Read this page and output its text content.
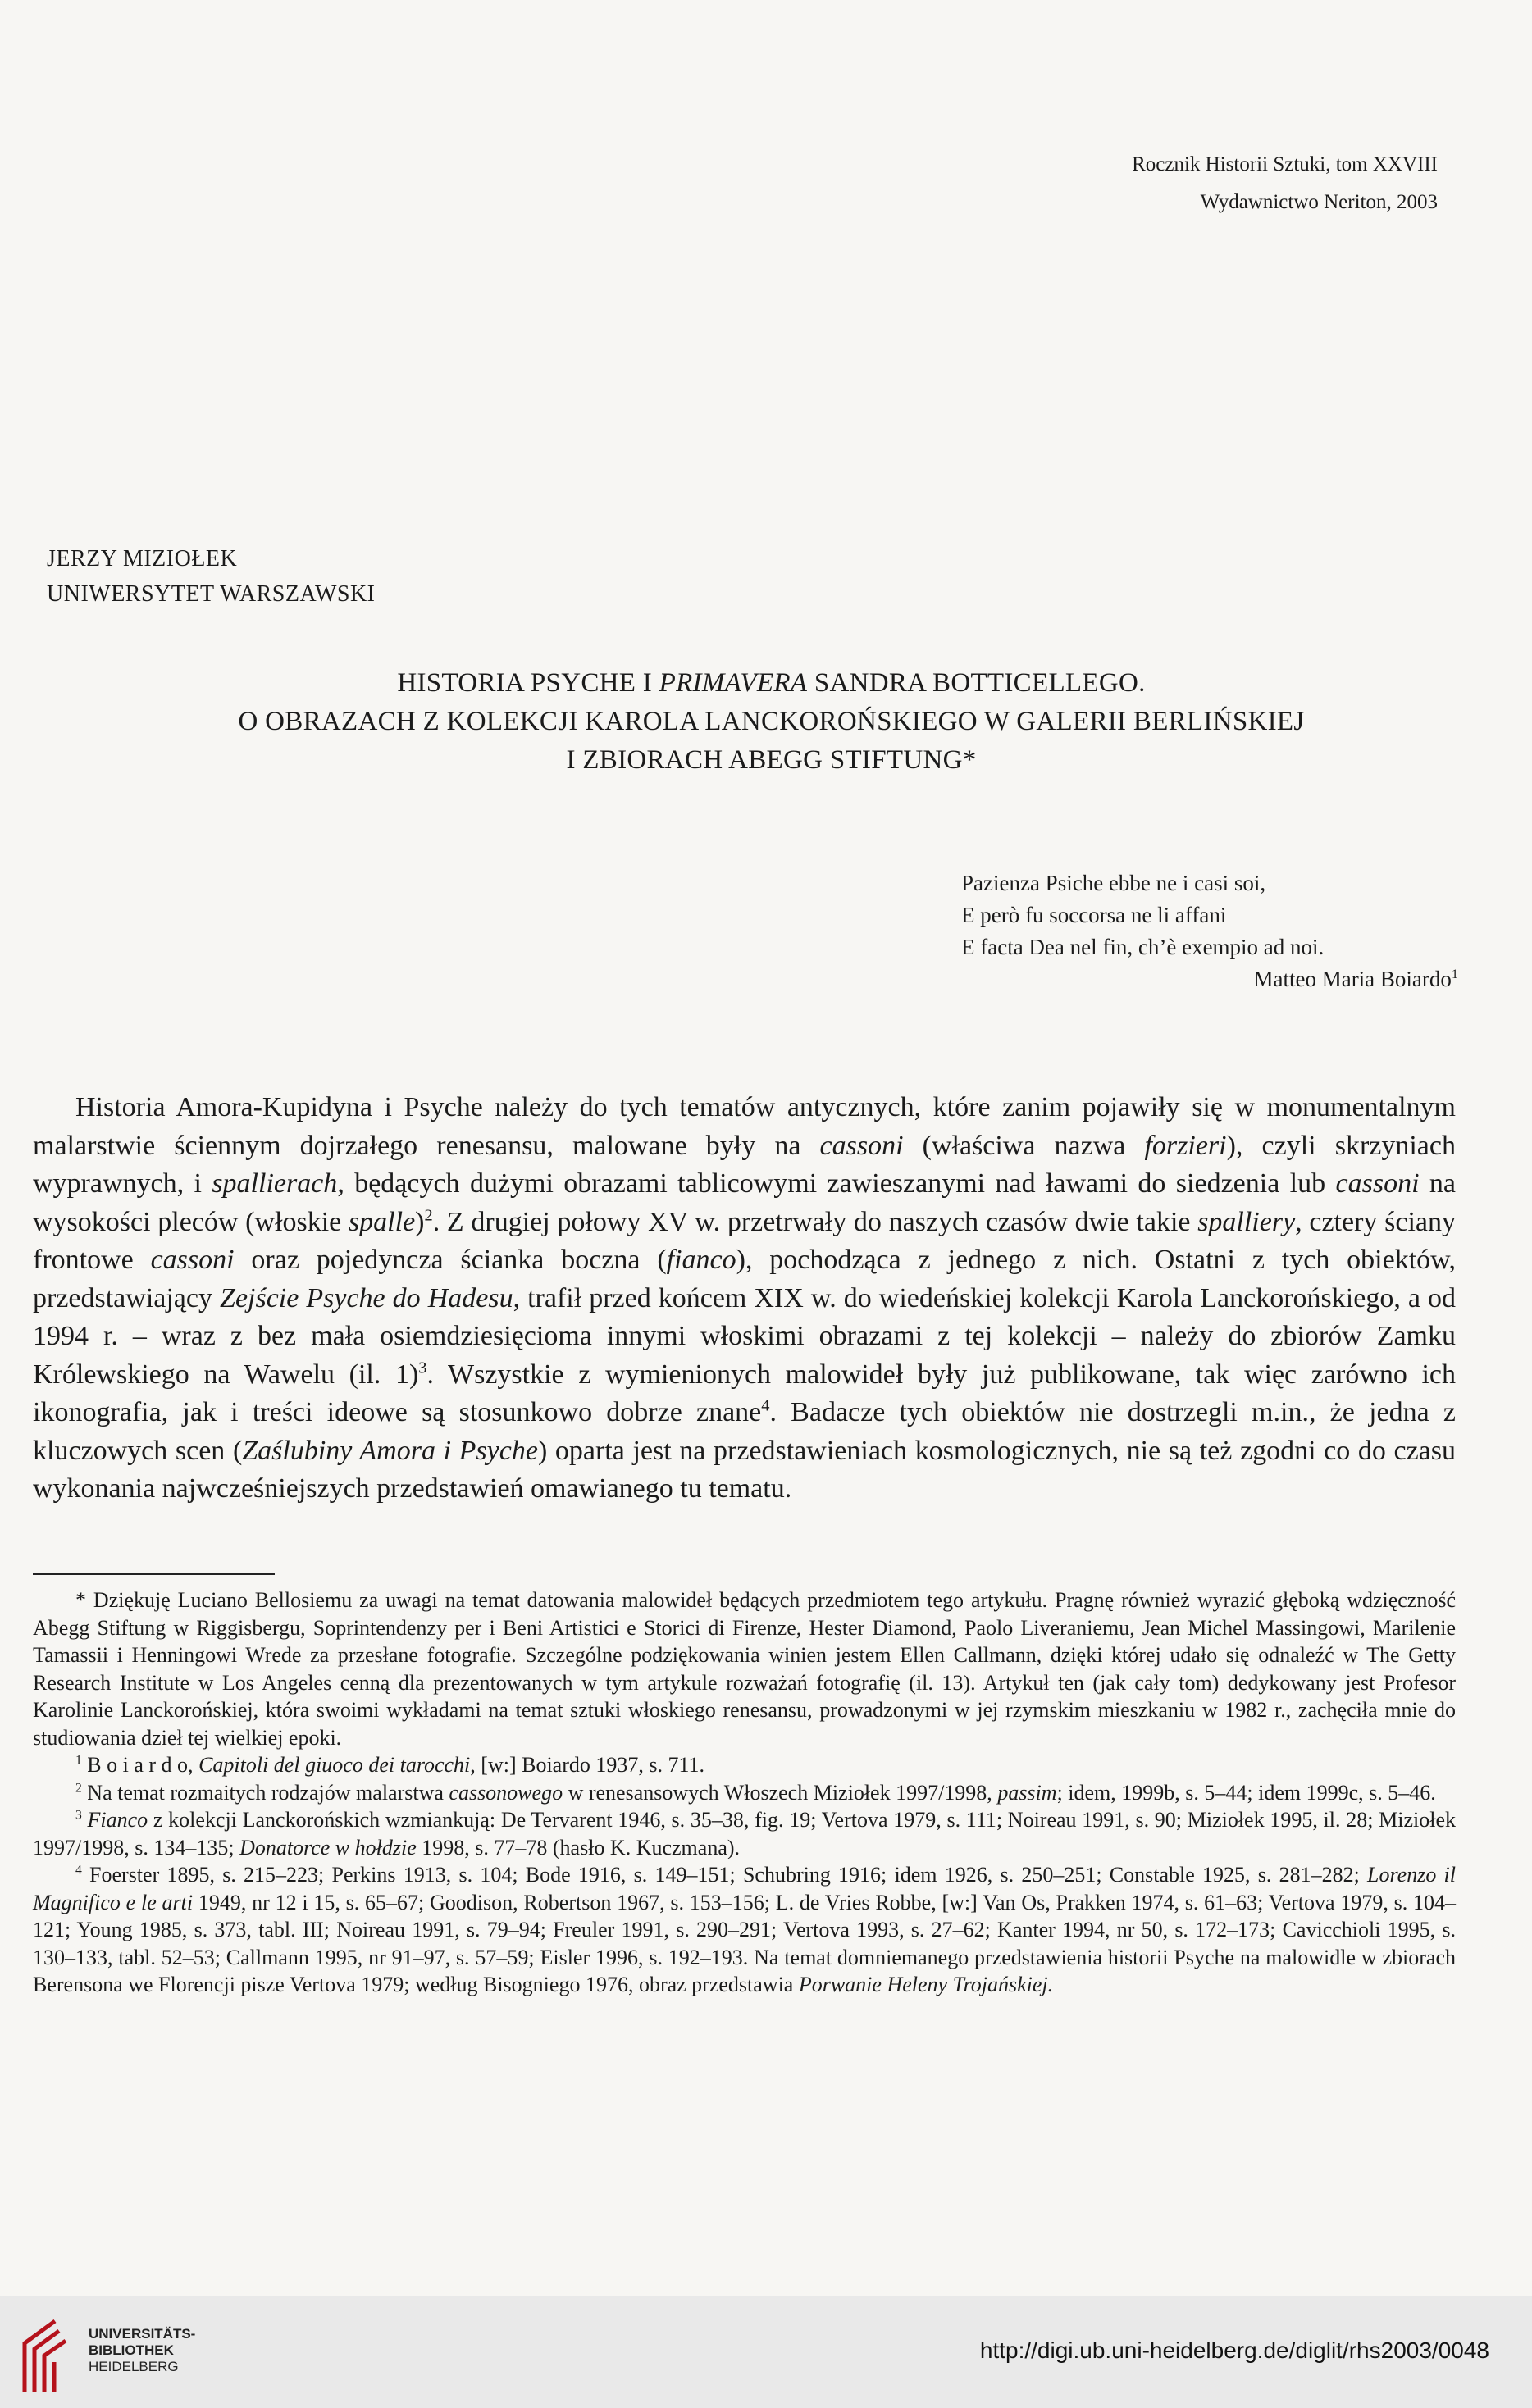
Rocznik Historii Sztuki, tom XXVIII
Wydawnictwo Neriton, 2003
JERZY MIZIOŁEK
UNIWERSYTET WARSZAWSKI
HISTORIA PSYCHE I PRIMAVERA SANDRA BOTTICELLEGO.
O OBRAZACH Z KOLEKCJI KAROLA LANCKOROŃSKIEGO W GALERII BERLIŃSKIEJ
I ZBIORACH ABEGG STIFTUNG*
Pazienza Psiche ebbe ne i casi soi,
E però fu soccorsa ne li affani
E facta Dea nel fin, ch’è exempio ad noi.
Matteo Maria Boiardo$^1$
Historia Amora-Kupidyna i Psyche należy do tych tematów antycznych, które zanim pojawiły się w monumentalnym malarstwie ściennym dojrzałego renesansu, malowane były na cassoni (właściwa nazwa forzieri), czyli skrzyniach wyprawnych, i spallierach, będących dużymi obrazami tablicowymi zawieszanymi nad ławami do siedzenia lub cassoni na wysokości pleców (włoskie spalle)$^2$. Z drugiej połowy XV w. przetrwały do naszych czasów dwie takie spalliery, cztery ściany frontowe cassoni oraz pojedyncza ścianka boczna (fianco), pochodząca z jednego z nich. Ostatni z tych obiektów, przedstawiający Zejście Psyche do Hadesu, trafił przed końcem XIX w. do wiedeńskiej kolekcji Karola Lanckorońskiego, a od 1994 r. – wraz z bez mała osiemdziesięcioma innymi włoskimi obrazami z tej kolekcji – należy do zbiorów Zamku Królewskiego na Wawelu (il. 1)$^3$. Wszystkie z wymienionych malowideł były już publikowane, tak więc zarówno ich ikonografia, jak i treści ideowe są stosunkowo dobrze znane$^4$. Badacze tych obiektów nie dostrzegli m.in., że jedna z kluczowych scen (Zaślubiny Amora i Psyche) oparta jest na przedstawieniach kosmologicznych, nie są też zgodni co do czasu wykonania najwcześniejszych przedstawień omawianego tu tematu.

* Dziękuję Luciano Bellosiemu za uwagi na temat datowania malowideł będących przedmiotem tego artykułu. Pragnę również wyrazić głęboką wdzięczność Abegg Stiftung w Riggisbergu, Soprintendenzy per i Beni Artistici e Storici di Firenze, Hester Diamond, Paolo Liveraniemu, Jean Michel Massingowi, Marilenie Tamassii i Henningowi Wrede za przesłane fotografie. Szczególne podziękowania winien jestem Ellen Callmann, dzięki której udało się odnaleźć w The Getty Research Institute w Los Angeles cenną dla prezentowanych w tym artykule rozważań fotografię (il. 13). Artykuł ten (jak cały tom) dedykowany jest Profesor Karolinie Lanckorońskiej, która swoimi wykładami na temat sztuki włoskiego renesansu, prowadzonymi w jej rzymskim mieszkaniu w 1982 r., zachęciła mnie do studiowania dzieł tej wielkiej epoki.

$^1$ B o i a r d o, Capitoli del giuoco dei tarocchi, [w:] Boiardo 1937, s. 711.

$^2$ Na temat rozmaitych rodzajów malarstwa cassonowego w renesansowych Włoszech Miziołek 1997/1998, passim; idem, 1999b, s. 5–44; idem 1999c, s. 5–46.

$^3$ Fianco z kolekcji Lanckorońskich wzmiankują: De Tervarent 1946, s. 35–38, fig. 19; Vertova 1979, s. 111; Noireau 1991, s. 90; Miziołek 1995, il. 28; Miziołek 1997/1998, s. 134–135; Donatorce w hołdzie 1998, s. 77–78 (hasło K. Kuczmana).

$^4$ Foerster 1895, s. 215–223; Perkins 1913, s. 104; Bode 1916, s. 149–151; Schubring 1916; idem 1926, s. 250–251; Constable 1925, s. 281–282; Lorenzo il Magnifico e le arti 1949, nr 12 i 15, s. 65–67; Goodison, Robertson 1967, s. 153–156; L. de Vries Robbe, [w:] Van Os, Prakken 1974, s. 61–63; Vertova 1979, s. 104–121; Young 1985, s. 373, tabl. III; Noireau 1991, s. 79–94; Freuler 1991, s. 290–291; Vertova 1993, s. 27–62; Kanter 1994, nr 50, s. 172–173; Cavicchioli 1995, s. 130–133, tabl. 52–53; Callmann 1995, nr 91–97, s. 57–59; Eisler 1996, s. 192–193. Na temat domniemanego przedstawienia historii Psyche na malowidle w zbiorach Berensona we Florencji pisze Vertova 1979; według Bisogniego 1976, obraz przedstawia Porwanie Heleny Trojańskiej.

UNIVERSITÄTS-
BIBLIOTHEK
HEIDELBERG
http://digi.ub.uni-heidelberg.de/diglit/rhs2003/0048
